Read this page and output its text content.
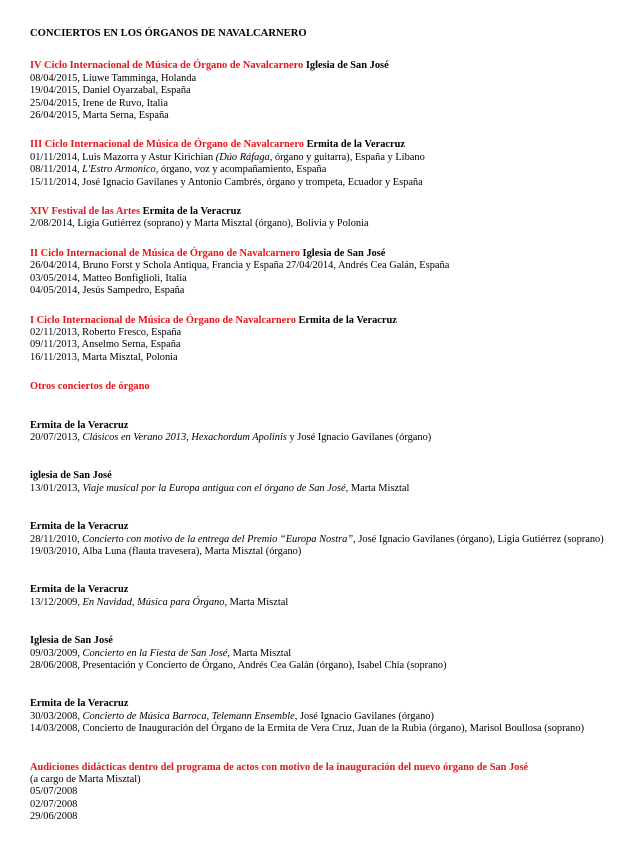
CONCIERTOS EN LOS ÓRGANOS DE NAVALCARNERO
IV Ciclo Internacional de Música de Órgano de Navalcarnero Iglesia de San José
08/04/2015, Liuwe Tamminga, Holanda
19/04/2015, Daniel Oyarzabal, España
25/04/2015, Irene de Ruvo, Italia
26/04/2015, Marta Serna, España
III Ciclo Internacional de Música de Órgano de Navalcarnero Ermita de la Veracruz
01/11/2014, Luis Mazorra y Astur Kirichian (Dúo Ráfaga, órgano y guitarra), España y Líbano
08/11/2014, L'Estro Armonico, órgano, voz y acompañamiento, España
15/11/2014, José Ignacio Gavilanes y Antonio Cambrés, órgano y trompeta, Ecuador y España
XIV Festival de las Artes Ermita de la Veracruz
2/08/2014, Ligia Gutiérrez (soprano) y Marta Misztal (órgano), Bolivia y Polonia
II Ciclo Internacional de Música de Órgano de Navalcarnero Iglesia de San José
26/04/2014, Bruno Forst y Schola Antiqua, Francia y España 27/04/2014, Andrés Cea Galán, España
03/05/2014, Matteo Bonfiglioli, Italia
04/05/2014, Jesús Sampedro, España
I Ciclo Internacional de Música de Órgano de Navalcarnero Ermita de la Veracruz
02/11/2013, Roberto Fresco, España
09/11/2013, Anselmo Serna, España
16/11/2013, Marta Misztal, Polonia
Otros conciertos de órgano
Ermita de la Veracruz
20/07/2013, Clásicos en Verano 2013, Hexachordum Apolinis y José Ignacio Gavilanes (órgano)
iglesia de San José
13/01/2013, Viaje musical por la Europa antigua con el órgano de San José, Marta Misztal
Ermita de la Veracruz
28/11/2010, Concierto con motivo de la entrega del Premio “Europa Nostra”, José Ignacio Gavilanes (órgano), Ligia Gutiérrez (soprano)
19/03/2010, Alba Luna (flauta travesera), Marta Misztal (órgano)
Ermita de la Veracruz
13/12/2009, En Navidad, Música para Órgano, Marta Misztal
Iglesia de San José
09/03/2009, Concierto en la Fiesta de San José, Marta Misztal
28/06/2008, Presentación y Concierto de Órgano, Andrés Cea Galán (órgano), Isabel Chía (soprano)
Ermita de la Veracruz
30/03/2008, Concierto de Música Barroca, Telemann Ensemble, José Ignacio Gavilanes (órgano)
14/03/2008, Concierto de Inauguración del Órgano de la Ermita de Vera Cruz, Juan de la Rubia (órgano), Marisol Boullosa (soprano)
Audiciones didácticas dentro del programa de actos con motivo de la inauguración del nuevo órgano de San José
(a cargo de Marta Misztal)
05/07/2008
02/07/2008
29/06/2008
